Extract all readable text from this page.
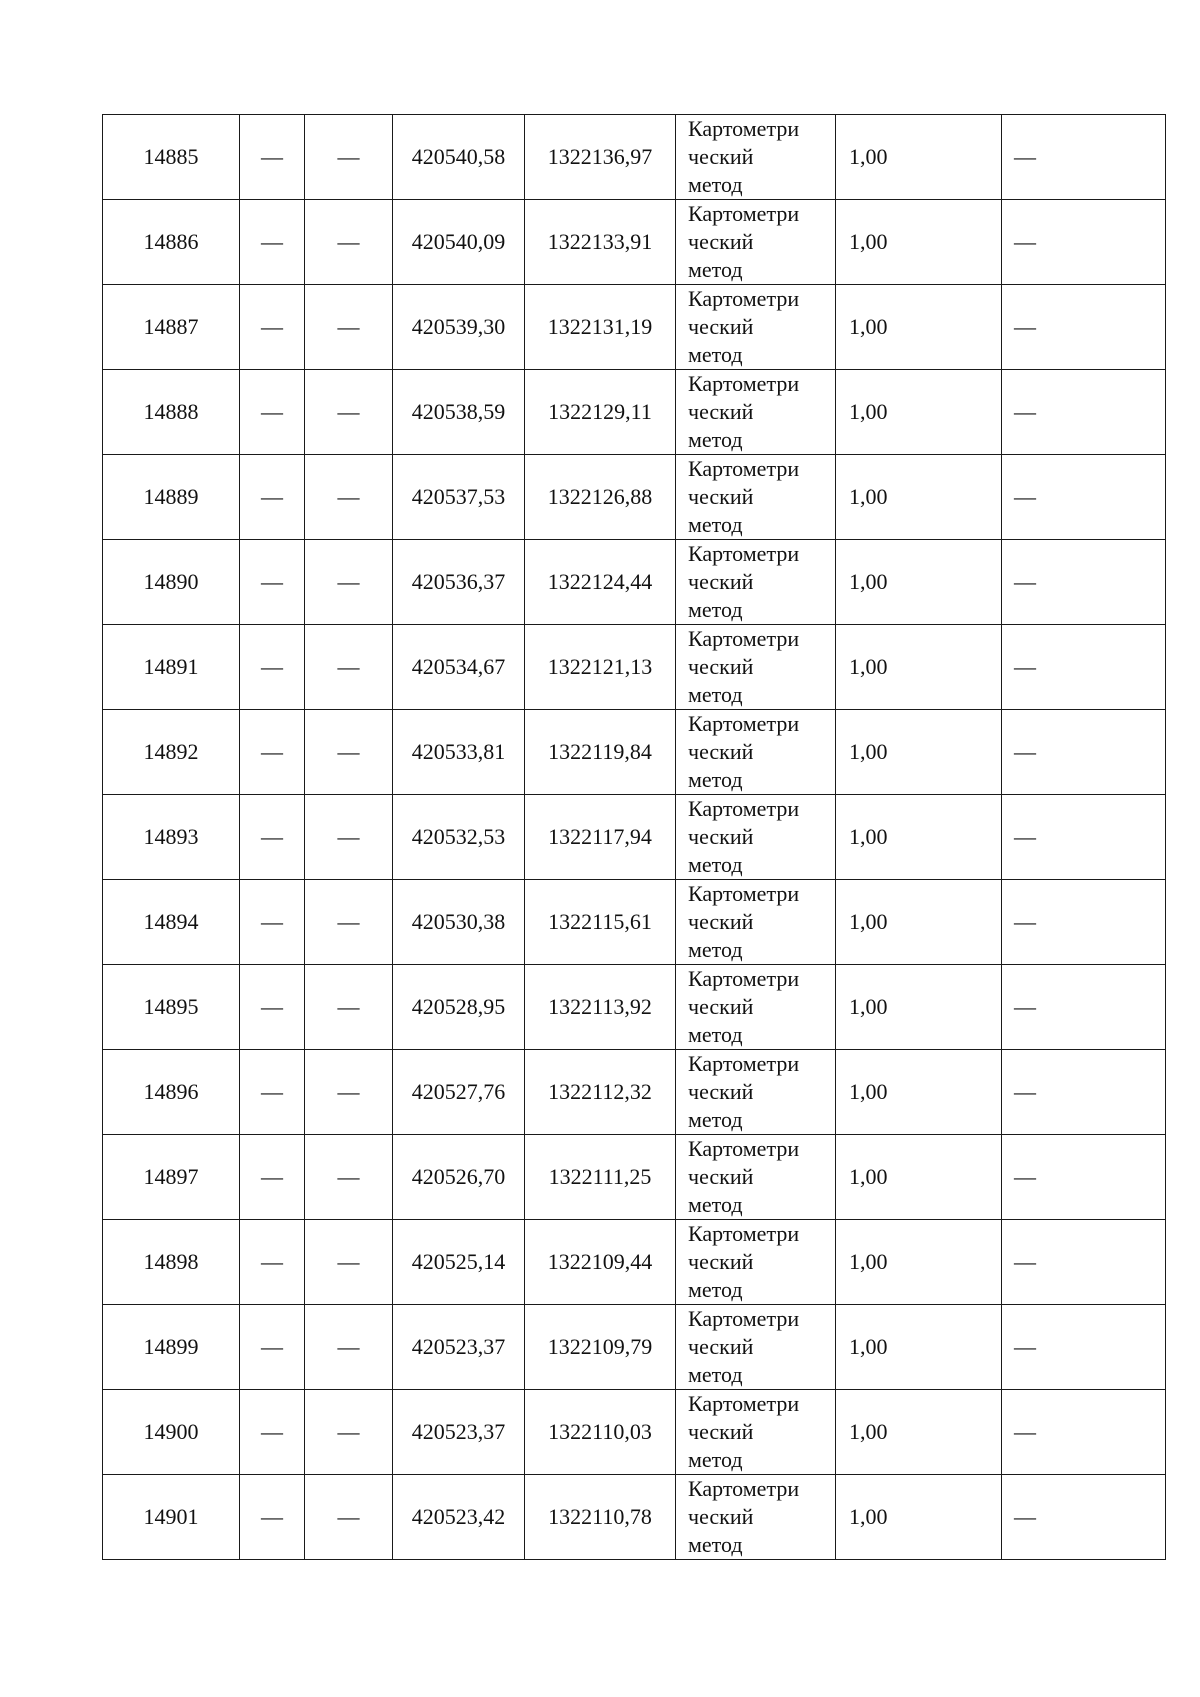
14885	—	—	420540,58	1322136,97	Картометри
ческий
метод	1,00	—
14886	—	—	420540,09	1322133,91	Картометри
ческий
метод	1,00	—
14887	—	—	420539,30	1322131,19	Картометри
ческий
метод	1,00	—
14888	—	—	420538,59	1322129,11	Картометри
ческий
метод	1,00	—
14889	—	—	420537,53	1322126,88	Картометри
ческий
метод	1,00	—
14890	—	—	420536,37	1322124,44	Картометри
ческий
метод	1,00	—
14891	—	—	420534,67	1322121,13	Картометри
ческий
метод	1,00	—
14892	—	—	420533,81	1322119,84	Картометри
ческий
метод	1,00	—
14893	—	—	420532,53	1322117,94	Картометри
ческий
метод	1,00	—
14894	—	—	420530,38	1322115,61	Картометри
ческий
метод	1,00	—
14895	—	—	420528,95	1322113,92	Картометри
ческий
метод	1,00	—
14896	—	—	420527,76	1322112,32	Картометри
ческий
метод	1,00	—
14897	—	—	420526,70	1322111,25	Картометри
ческий
метод	1,00	—
14898	—	—	420525,14	1322109,44	Картометри
ческий
метод	1,00	—
14899	—	—	420523,37	1322109,79	Картометри
ческий
метод	1,00	—
14900	—	—	420523,37	1322110,03	Картометри
ческий
метод	1,00	—
14901	—	—	420523,42	1322110,78	Картометри
ческий
метод	1,00	—
